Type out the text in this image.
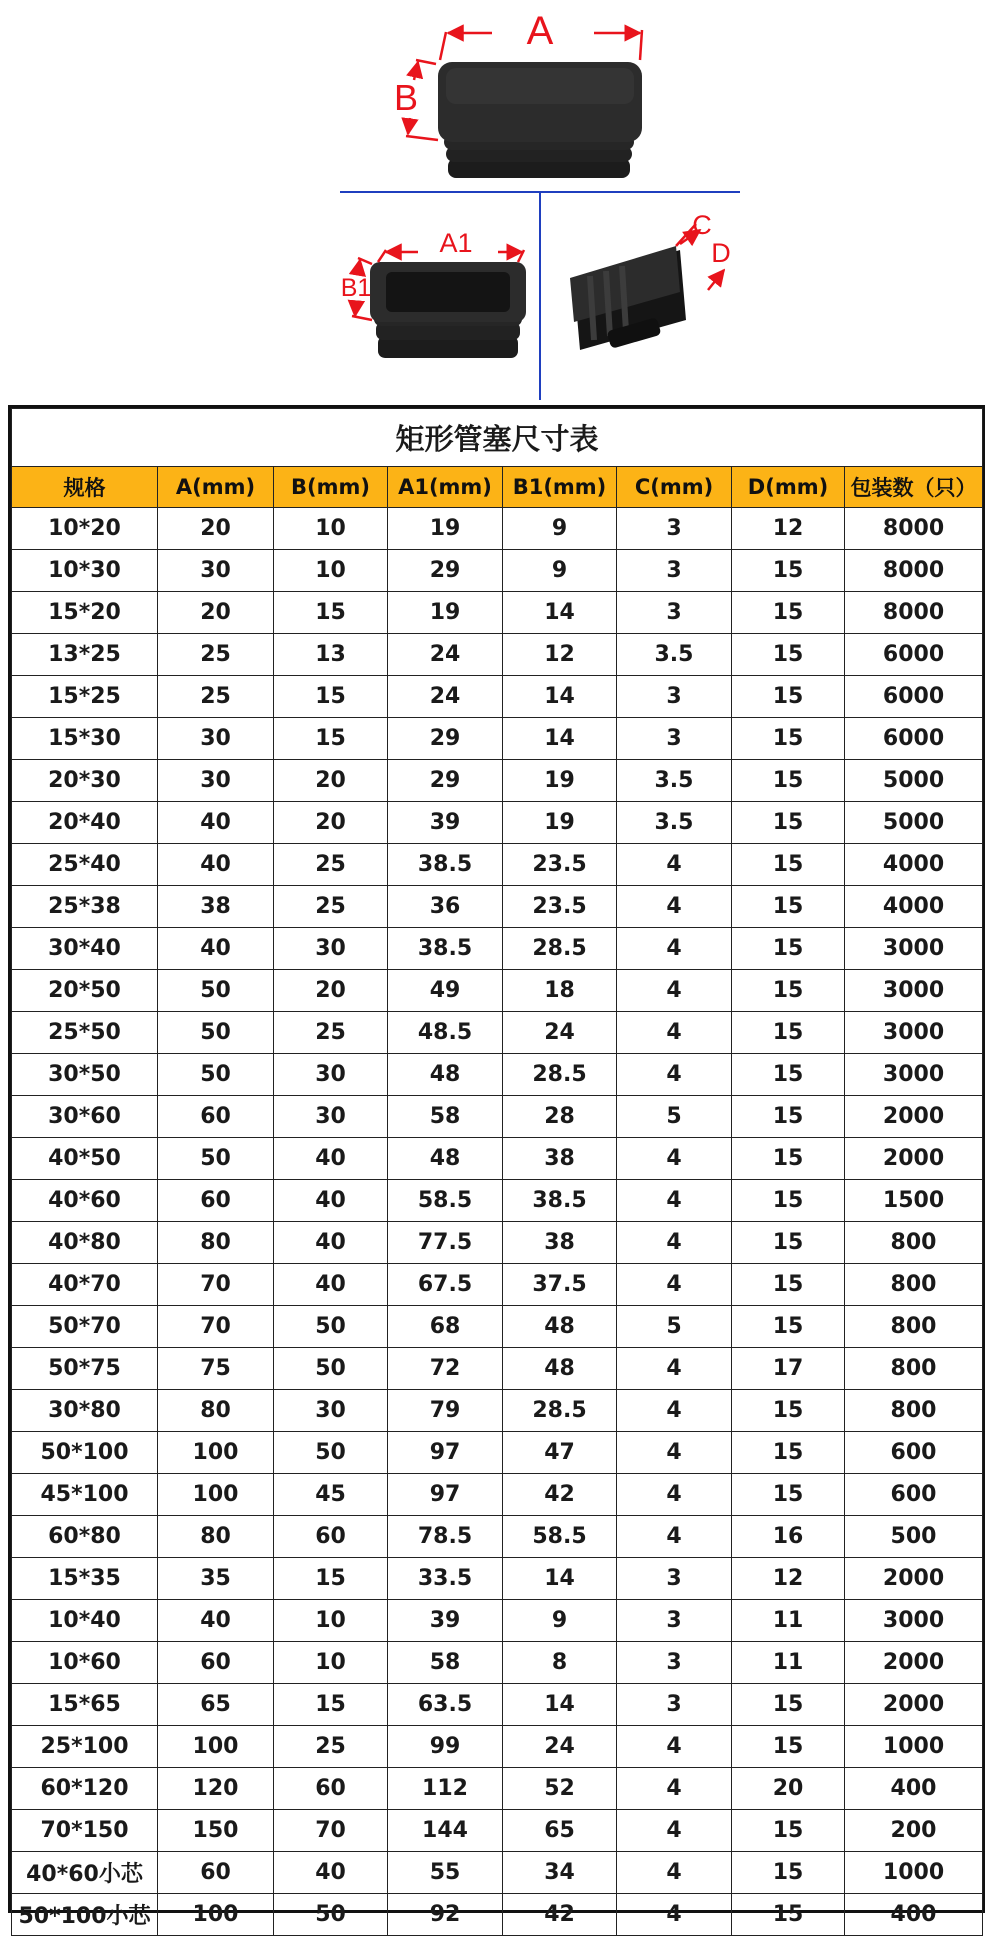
A
B
A1
B1
C
D
矩形管塞尺寸表							
规格	A(mm)	B(mm)	A1(mm)	B1(mm)	C(mm)	D(mm)	包装数（只）
10*20	20	10	19	9	3	12	8000
10*30	30	10	29	9	3	15	8000
15*20	20	15	19	14	3	15	8000
13*25	25	13	24	12	3.5	15	6000
15*25	25	15	24	14	3	15	6000
15*30	30	15	29	14	3	15	6000
20*30	30	20	29	19	3.5	15	5000
20*40	40	20	39	19	3.5	15	5000
25*40	40	25	38.5	23.5	4	15	4000
25*38	38	25	36	23.5	4	15	4000
30*40	40	30	38.5	28.5	4	15	3000
20*50	50	20	49	18	4	15	3000
25*50	50	25	48.5	24	4	15	3000
30*50	50	30	48	28.5	4	15	3000
30*60	60	30	58	28	5	15	2000
40*50	50	40	48	38	4	15	2000
40*60	60	40	58.5	38.5	4	15	1500
40*80	80	40	77.5	38	4	15	800
40*70	70	40	67.5	37.5	4	15	800
50*70	70	50	68	48	5	15	800
50*75	75	50	72	48	4	17	800
30*80	80	30	79	28.5	4	15	800
50*100	100	50	97	47	4	15	600
45*100	100	45	97	42	4	15	600
60*80	80	60	78.5	58.5	4	16	500
15*35	35	15	33.5	14	3	12	2000
10*40	40	10	39	9	3	11	3000
10*60	60	10	58	8	3	11	2000
15*65	65	15	63.5	14	3	15	2000
25*100	100	25	99	24	4	15	1000
60*120	120	60	112	52	4	20	400
70*150	150	70	144	65	4	15	200
40*60小芯	60	40	55	34	4	15	1000
50*100小芯	100	50	92	42	4	15	400
